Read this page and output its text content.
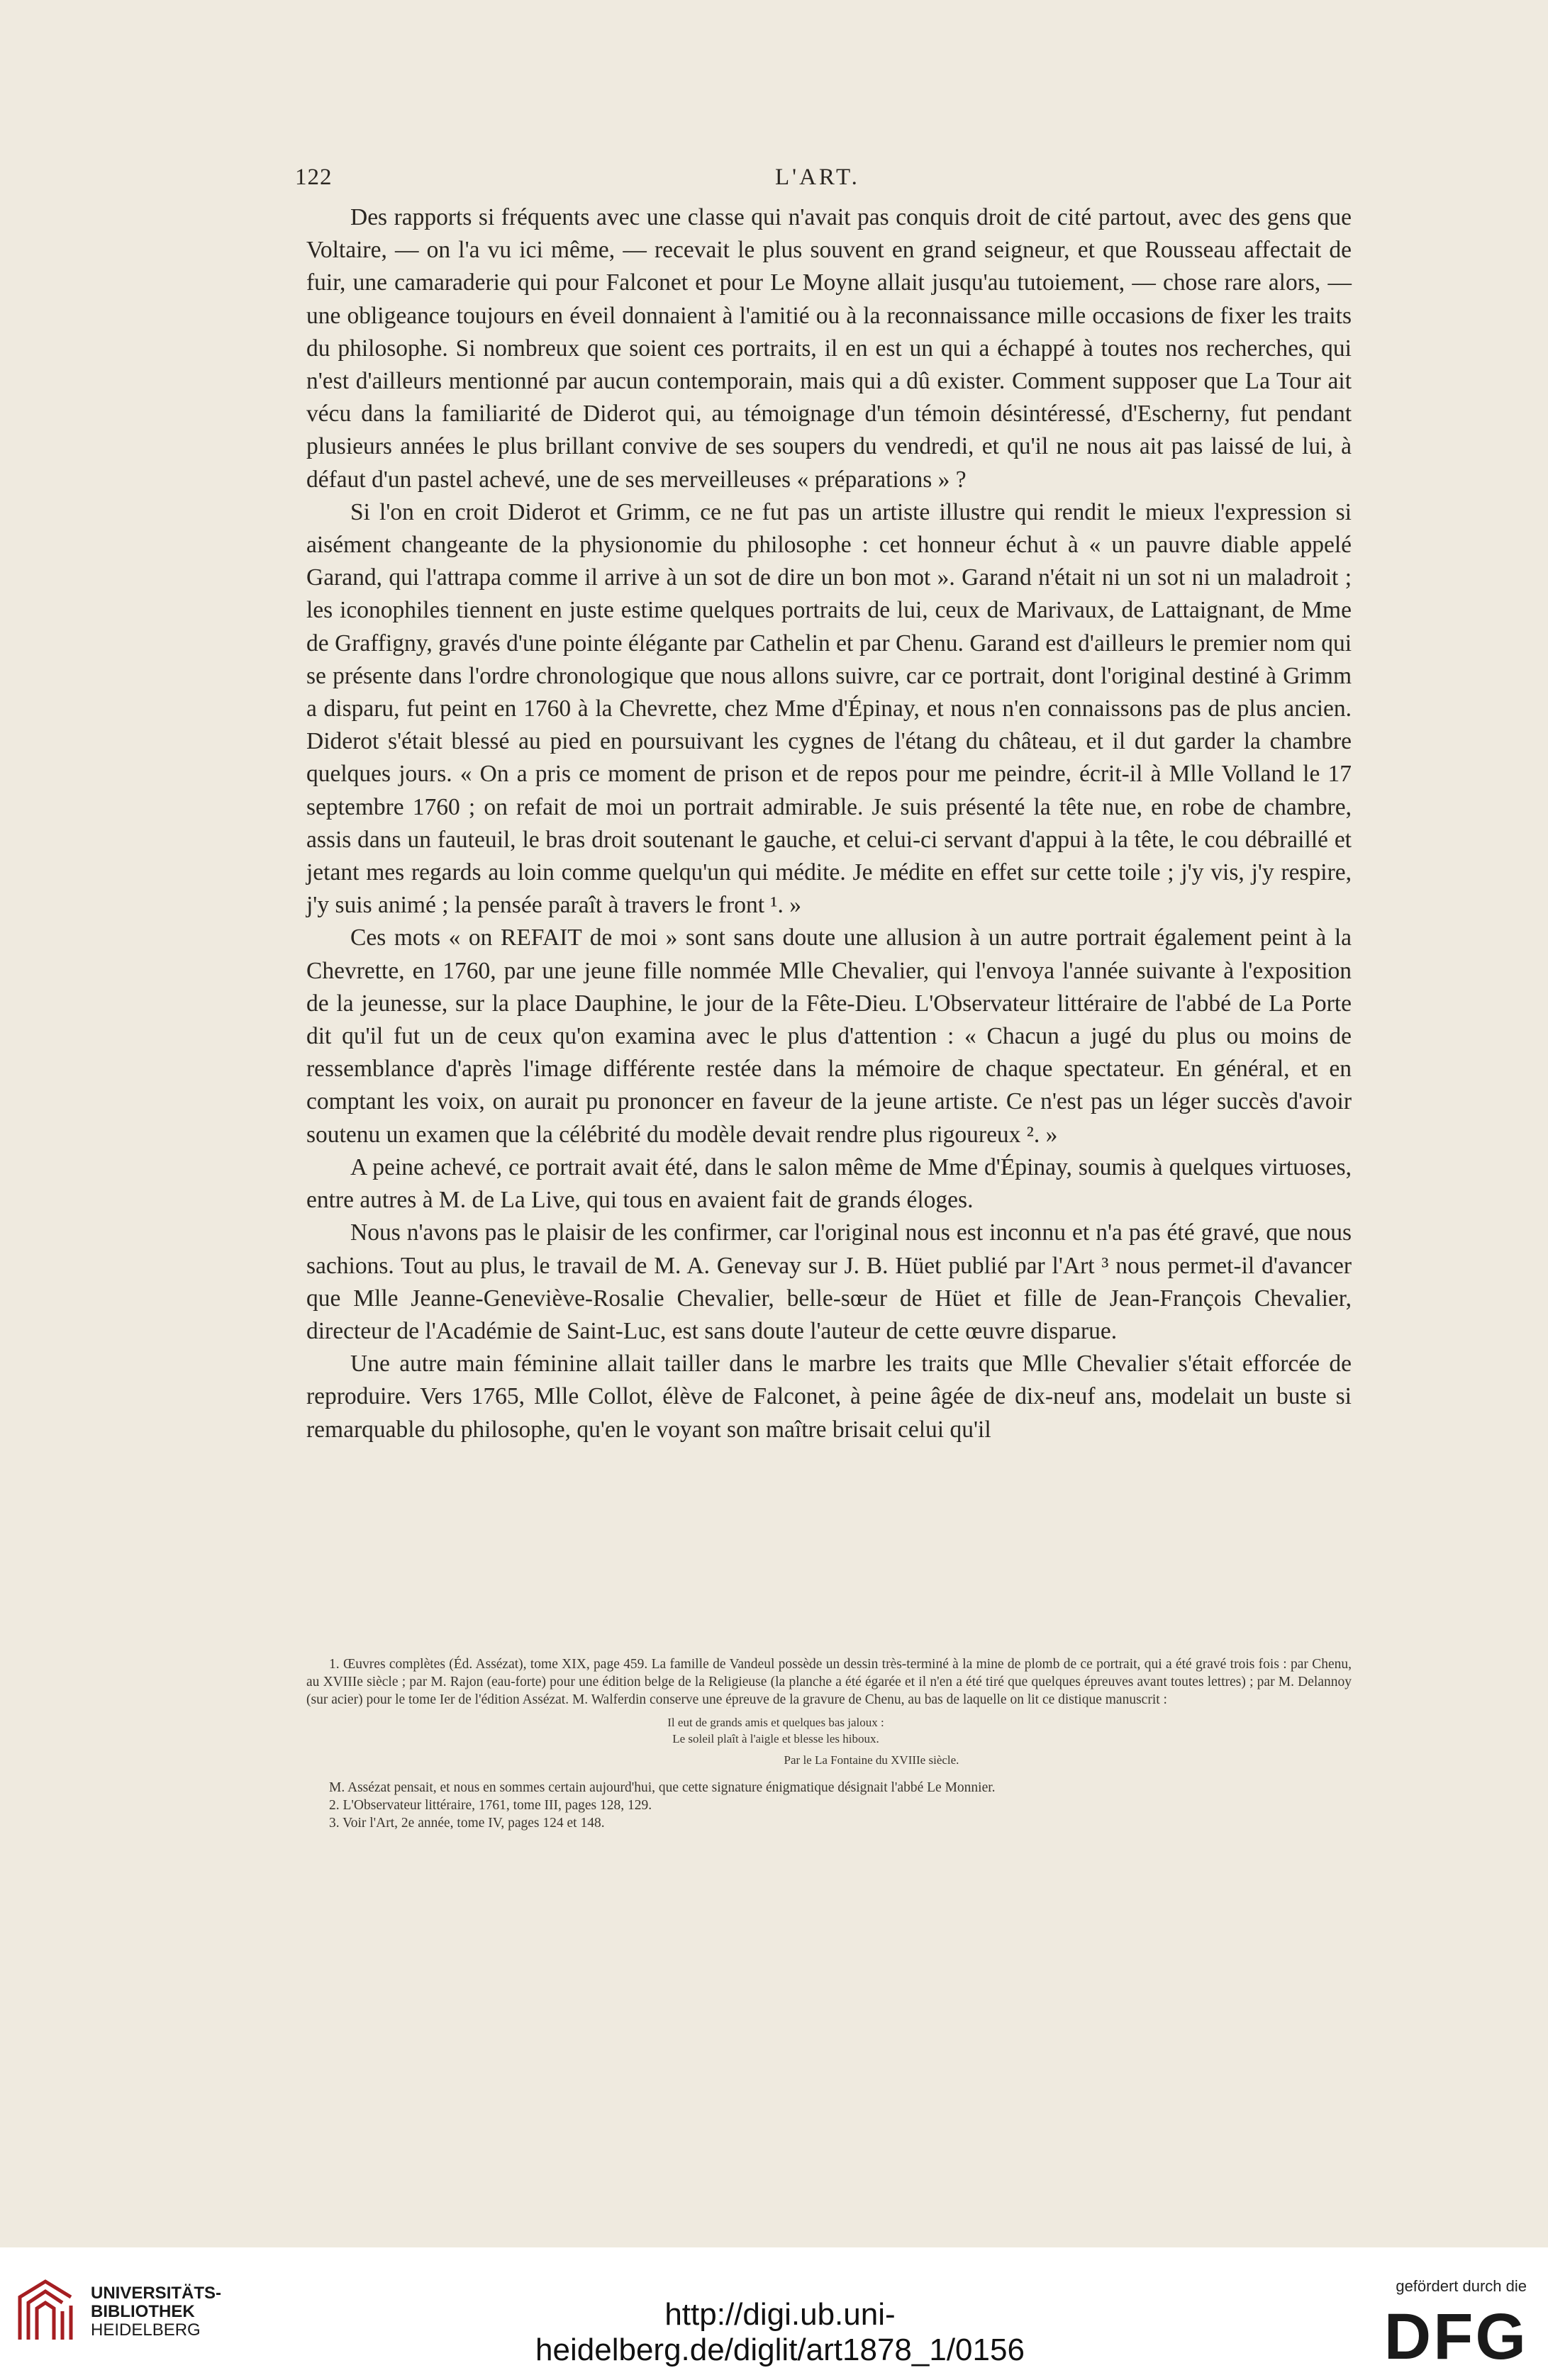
122	L'ART.

Des rapports si fréquents avec une classe qui n'avait pas conquis droit de cité partout, avec des gens que Voltaire, — on l'a vu ici même, — recevait le plus souvent en grand seigneur, et que Rousseau affectait de fuir, une camaraderie qui pour Falconet et pour Le Moyne allait jusqu'au tutoiement, — chose rare alors, — une obligeance toujours en éveil donnaient à l'amitié ou à la reconnaissance mille occasions de fixer les traits du philosophe. Si nombreux que soient ces portraits, il en est un qui a échappé à toutes nos recherches, qui n'est d'ailleurs mentionné par aucun contemporain, mais qui a dû exister. Comment supposer que La Tour ait vécu dans la familiarité de Diderot qui, au témoignage d'un témoin désintéressé, d'Escherny, fut pendant plusieurs années le plus brillant convive de ses soupers du vendredi, et qu'il ne nous ait pas laissé de lui, à défaut d'un pastel achevé, une de ses merveilleuses « préparations » ?

Si l'on en croit Diderot et Grimm, ce ne fut pas un artiste illustre qui rendit le mieux l'expression si aisément changeante de la physionomie du philosophe : cet honneur échut à « un pauvre diable appelé Garand, qui l'attrapa comme il arrive à un sot de dire un bon mot ». Garand n'était ni un sot ni un maladroit ; les iconophiles tiennent en juste estime quelques portraits de lui, ceux de Marivaux, de Lattaignant, de Mme de Graffigny, gravés d'une pointe élégante par Cathelin et par Chenu. Garand est d'ailleurs le premier nom qui se présente dans l'ordre chronologique que nous allons suivre, car ce portrait, dont l'original destiné à Grimm a disparu, fut peint en 1760 à la Chevrette, chez Mme d'Épinay, et nous n'en connaissons pas de plus ancien. Diderot s'était blessé au pied en poursuivant les cygnes de l'étang du château, et il dut garder la chambre quelques jours. « On a pris ce moment de prison et de repos pour me peindre, écrit-il à Mlle Volland le 17 septembre 1760 ; on refait de moi un portrait admirable. Je suis présenté la tête nue, en robe de chambre, assis dans un fauteuil, le bras droit soutenant le gauche, et celui-ci servant d'appui à la tête, le cou débraillé et jetant mes regards au loin comme quelqu'un qui médite. Je médite en effet sur cette toile ; j'y vis, j'y respire, j'y suis animé ; la pensée paraît à travers le front ¹. »

Ces mots « on REFAIT de moi » sont sans doute une allusion à un autre portrait également peint à la Chevrette, en 1760, par une jeune fille nommée Mlle Chevalier, qui l'envoya l'année suivante à l'exposition de la jeunesse, sur la place Dauphine, le jour de la Fête-Dieu. L'Observateur littéraire de l'abbé de La Porte dit qu'il fut un de ceux qu'on examina avec le plus d'attention : « Chacun a jugé du plus ou moins de ressemblance d'après l'image différente restée dans la mémoire de chaque spectateur. En général, et en comptant les voix, on aurait pu prononcer en faveur de la jeune artiste. Ce n'est pas un léger succès d'avoir soutenu un examen que la célébrité du modèle devait rendre plus rigoureux ². »

A peine achevé, ce portrait avait été, dans le salon même de Mme d'Épinay, soumis à quelques virtuoses, entre autres à M. de La Live, qui tous en avaient fait de grands éloges.

Nous n'avons pas le plaisir de les confirmer, car l'original nous est inconnu et n'a pas été gravé, que nous sachions. Tout au plus, le travail de M. A. Genevay sur J. B. Hüet publié par l'Art ³ nous permet-il d'avancer que Mlle Jeanne-Geneviève-Rosalie Chevalier, belle-sœur de Hüet et fille de Jean-François Chevalier, directeur de l'Académie de Saint-Luc, est sans doute l'auteur de cette œuvre disparue.

Une autre main féminine allait tailler dans le marbre les traits que Mlle Chevalier s'était efforcée de reproduire. Vers 1765, Mlle Collot, élève de Falconet, à peine âgée de dix-neuf ans, modelait un buste si remarquable du philosophe, qu'en le voyant son maître brisait celui qu'il

1. Œuvres complètes (Éd. Assézat), tome XIX, page 459. La famille de Vandeul possède un dessin très-terminé à la mine de plomb de ce portrait, qui a été gravé trois fois : par Chenu, au XVIIIe siècle ; par M. Rajon (eau-forte) pour une édition belge de la Religieuse (la planche a été égarée et il n'en a été tiré que quelques épreuves avant toutes lettres) ; par M. Delannoy (sur acier) pour le tome Ier de l'édition Assézat. M. Walferdin conserve une épreuve de la gravure de Chenu, au bas de laquelle on lit ce distique manuscrit :

Il eut de grands amis et quelques bas jaloux :
Le soleil plaît à l'aigle et blesse les hiboux.
Par le La Fontaine du XVIIIe siècle.

M. Assézat pensait, et nous en sommes certain aujourd'hui, que cette signature énigmatique désignait l'abbé Le Monnier.

2. L'Observateur littéraire, 1761, tome III, pages 128, 129.

3. Voir l'Art, 2e année, tome IV, pages 124 et 148.

UNIVERSITÄTS-
BIBLIOTHEK
HEIDELBERG	http://digi.ub.uni-heidelberg.de/diglit/art1878_1/0156
gefördert durch die
DFG
